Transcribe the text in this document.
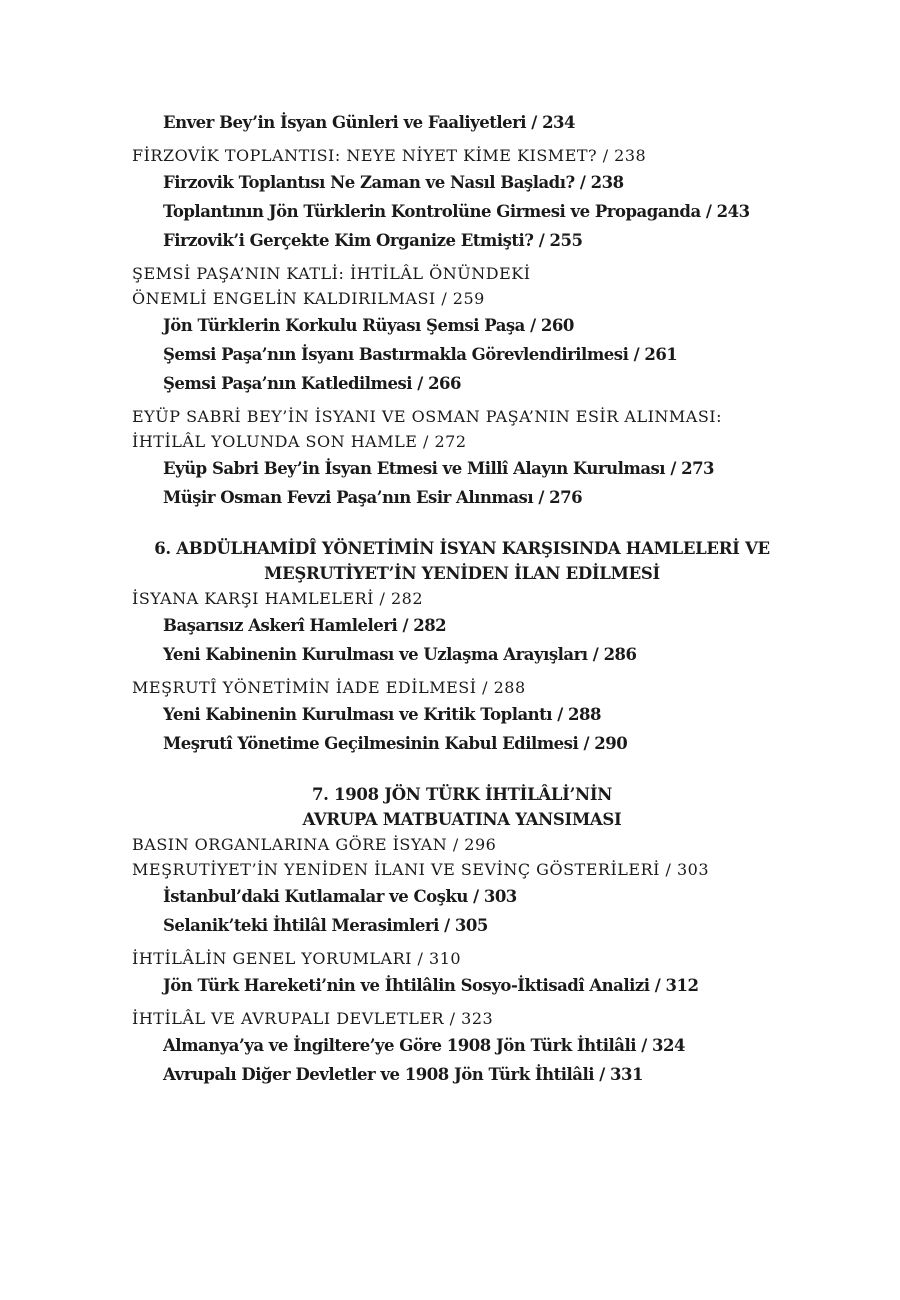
Enver Bey’in İsyan Günleri ve Faaliyetleri / 234
FİRZOVİK TOPLANTISI: NEYE NİYET KİME KISMET? / 238
Firzovik Toplantısı Ne Zaman ve Nasıl Başladı? / 238
Toplantının Jön Türklerin Kontrolüne Girmesi ve Propaganda / 243
Firzovik’i Gerçekte Kim Organize Etmişti? / 255
ŞEMSİ PAŞA’NIN KATLİ: İHTİLÂL ÖNÜNDEKİ
ÖNEMLİ ENGELİN KALDIRILMASI / 259
Jön Türklerin Korkulu Rüyası Şemsi Paşa / 260
Şemsi Paşa’nın İsyanı Bastırmakla Görevlendirilmesi / 261
Şemsi Paşa’nın Katledilmesi / 266
EYÜP SABRİ BEY’İN İSYANI VE OSMAN PAŞA’NIN ESİR ALINMASI:
İHTİLÂL YOLUNDA SON HAMLE / 272
Eyüp Sabri Bey’in İsyan Etmesi ve Millî Alayın Kurulması / 273
Müşir Osman Fevzi Paşa’nın Esir Alınması / 276
6. ABDÜLHAMİDÎ YÖNETİMİN İSYAN KARŞISINDA HAMLELERİ VE
MEŞRUTİYET’İN YENİDEN İLAN EDİLMESİ
İSYANA KARŞI HAMLELERİ / 282
Başarısız Askerî Hamleleri / 282
Yeni Kabinenin Kurulması ve Uzlaşma Arayışları / 286
MEŞRUTÎ YÖNETİMİN İADE EDİLMESİ / 288
Yeni Kabinenin Kurulması ve Kritik Toplantı / 288
Meşrutî Yönetime Geçilmesinin Kabul Edilmesi / 290
7. 1908 JÖN TÜRK İHTİLÂLİ’NİN
AVRUPA MATBUATINA YANSIMASI
BASIN ORGANLARINA GÖRE İSYAN / 296
MEŞRUTİYET’İN YENİDEN İLANI VE SEVİNÇ GÖSTERİLERİ / 303
İstanbul’daki Kutlamalar ve Coşku / 303
Selanik’teki İhtilâl Merasimleri / 305
İHTİLÂLİN GENEL YORUMLARI / 310
Jön Türk Hareketi’nin ve İhtilâlin Sosyo-İktisadî Analizi / 312
İHTİLÂL VE AVRUPALI DEVLETLER / 323
Almanya’ya ve İngiltere’ye Göre 1908 Jön Türk İhtilâli / 324
Avrupalı Diğer Devletler ve 1908 Jön Türk İhtilâli / 331
